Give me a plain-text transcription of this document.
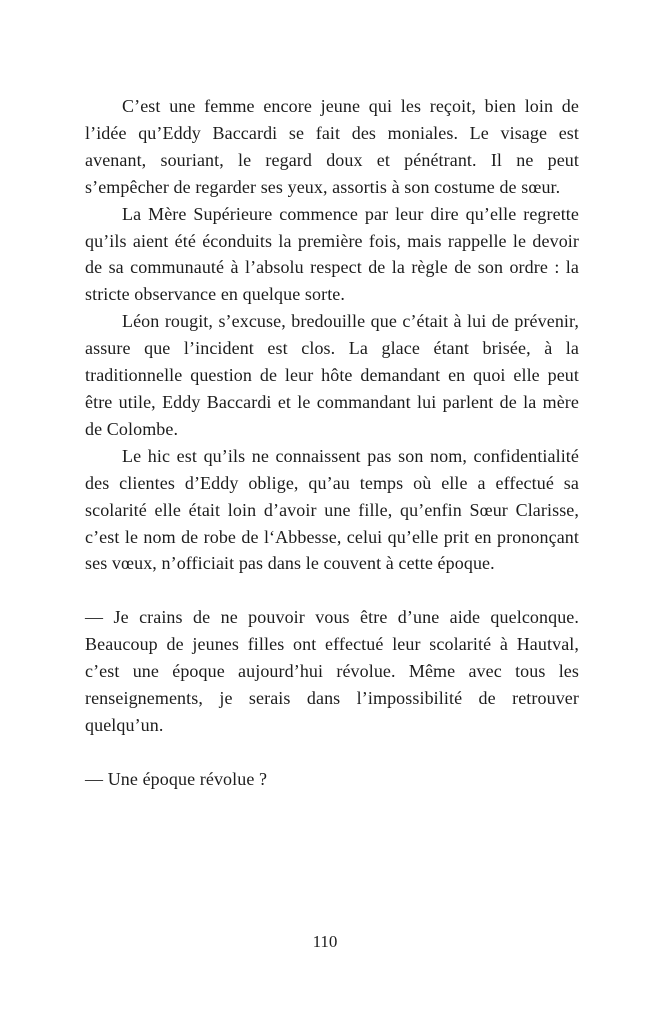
C’est une femme encore jeune qui les reçoit, bien loin de l’idée qu’Eddy Baccardi se fait des moniales. Le visage est avenant, souriant, le regard doux et pénétrant. Il ne peut s’empêcher de regarder ses yeux, assortis à son costume de sœur.

La Mère Supérieure commence par leur dire qu’elle regrette qu’ils aient été éconduits la première fois, mais rappelle le devoir de sa communauté à l’absolu respect de la règle de son ordre : la stricte observance en quelque sorte.

Léon rougit, s’excuse, bredouille que c’était à lui de prévenir, assure que l’incident est clos. La glace étant brisée, à la traditionnelle question de leur hôte demandant en quoi elle peut être utile, Eddy Baccardi et le commandant lui parlent de la mère de Colombe.

Le hic est qu’ils ne connaissent pas son nom, confidentialité des clientes d’Eddy oblige, qu’au temps où elle a effectué sa scolarité elle était loin d’avoir une fille, qu’enfin Sœur Clarisse, c’est le nom de robe de l‘Abbesse, celui qu’elle prit en prononçant ses vœux, n’officiait pas dans le couvent à cette époque.

— Je crains de ne pouvoir vous être d’une aide quelconque. Beaucoup de jeunes filles ont effectué leur scolarité à Hautval, c’est une époque aujourd’hui révolue. Même avec tous les renseignements, je serais dans l’impossibilité de retrouver quelqu’un.

— Une époque révolue ?

110
